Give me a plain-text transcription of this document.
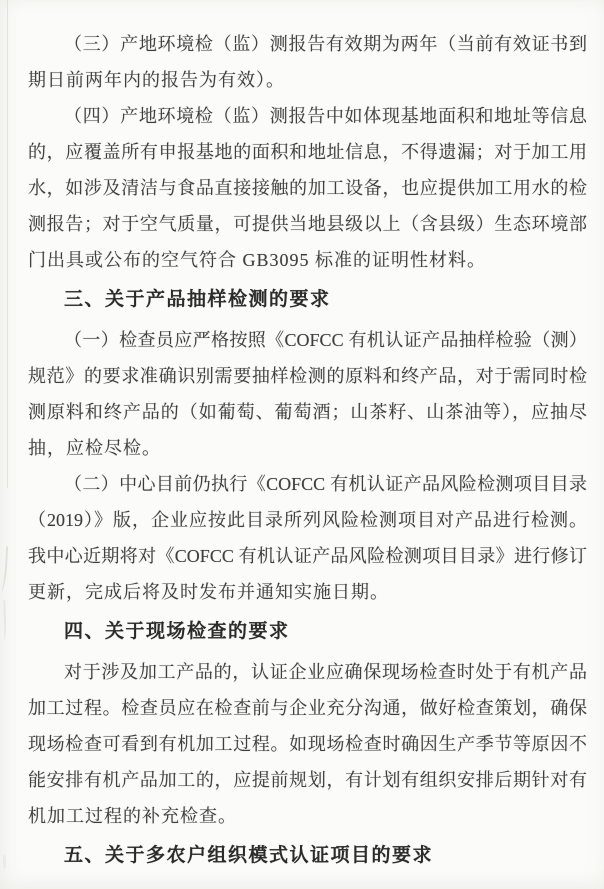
（三）产地环境检（监）测报告有效期为两年（当前有效证书到
期日前两年内的报告为有效）。
（四）产地环境检（监）测报告中如体现基地面积和地址等信息
的，应覆盖所有申报基地的面积和地址信息，不得遗漏；对于加工用
水，如涉及清洁与食品直接接触的加工设备，也应提供加工用水的检
测报告；对于空气质量，可提供当地县级以上（含县级）生态环境部
门出具或公布的空气符合 GB3095 标准的证明性材料。
三、关于产品抽样检测的要求
（一）检查员应严格按照《COFCC 有机认证产品抽样检验（测）
规范》的要求准确识别需要抽样检测的原料和终产品，对于需同时检
测原料和终产品的（如葡萄、葡萄酒；山茶籽、山茶油等），应抽尽
抽，应检尽检。
（二）中心目前仍执行《COFCC 有机认证产品风险检测项目目录
（2019）》版，企业应按此目录所列风险检测项目对产品进行检测。
我中心近期将对《COFCC 有机认证产品风险检测项目目录》进行修订
更新，完成后将及时发布并通知实施日期。
四、关于现场检查的要求
对于涉及加工产品的，认证企业应确保现场检查时处于有机产品
加工过程。检查员应在检查前与企业充分沟通，做好检查策划，确保
现场检查可看到有机加工过程。如现场检查时确因生产季节等原因不
能安排有机产品加工的，应提前规划，有计划有组织安排后期针对有
机加工过程的补充检查。
五、关于多农户组织模式认证项目的要求
